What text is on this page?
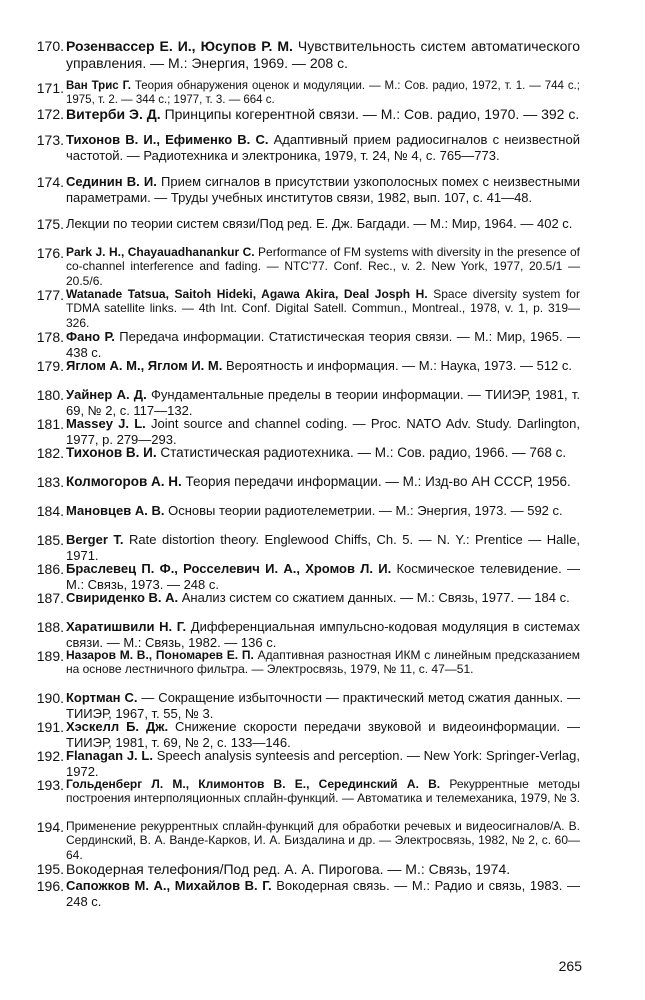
170. Розенвассер Е. И., Юсупов Р. М. Чувствительность систем автоматического управления. — М.: Энергия, 1969. — 208 с.
171. Ван Трис Г. Теория обнаружения оценок и модуляции. — М.: Сов. радио, 1972, т. 1. — 744 с.; 1975, т. 2. — 344 с.; 1977, т. 3. — 664 с.
172. Витерби Э. Д. Принципы когерентной связи. — М.: Сов. радио, 1970. — 392 с.
173. Тихонов В. И., Ефименко В. С. Адаптивный прием радиосигналов с неизвестной частотой. — Радиотехника и электроника, 1979, т. 24, № 4, с. 765—773.
174. Сединин В. И. Прием сигналов в присутствии узкополосных помех с неизвестными параметрами. — Труды учебных институтов связи, 1982, вып. 107, с. 41—48.
175. Лекции по теории систем связи/Под ред. Е. Дж. Багдади. — М.: Мир, 1964. — 402 с.
176. Park J. H., Chayauadhanankur C. Performance of FM systems with diversity in the presence of co-channel interference and fading. — NTC'77. Conf. Rec., v. 2. New York, 1977, 20.5/1 — 20.5/6.
177. Watanade Tatsua, Saitoh Hideki, Agawa Akira, Deal Josph H. Space diversity system for TDMA satellite links. — 4th Int. Conf. Digital Satell. Commun., Montreal., 1978, v. 1, p. 319—326.
178. Фано Р. Передача информации. Статистическая теория связи. — М.: Мир, 1965. — 438 с.
179. Яглом А. М., Яглом И. М. Вероятность и информация. — М.: Наука, 1973. — 512 с.
180. Уайнер А. Д. Фундаментальные пределы в теории информации. — ТИИЭР, 1981, т. 69, № 2, с. 117—132.
181. Massey J. L. Joint source and channel coding. — Proc. NATO Adv. Study. Darlington, 1977, p. 279—293.
182. Тихонов В. И. Статистическая радиотехника. — М.: Сов. радио, 1966. — 768 с.
183. Колмогоров А. Н. Теория передачи информации. — М.: Изд-во АН СССР, 1956.
184. Мановцев А. В. Основы теории радиотелеметрии. — М.: Энергия, 1973. — 592 с.
185. Berger T. Rate distortion theory. Englewood Chiffs, Ch. 5. — N. Y.: Prentice — Halle, 1971.
186. Браслевец П. Ф., Росселевич И. А., Хромов Л. И. Космическое телевидение. — М.: Связь, 1973. — 248 с.
187. Свириденко В. А. Анализ систем со сжатием данных. — М.: Связь, 1977. — 184 с.
188. Харатишвили Н. Г. Дифференциальная импульсно-кодовая модуляция в системах связи. — М.: Связь, 1982. — 136 с.
189. Назаров М. В., Пономарев Е. П. Адаптивная разностная ИКМ с линейным предсказанием на основе лестничного фильтра. — Электросвязь, 1979, № 11, с. 47—51.
190. Кортман С. — Сокращение избыточности — практический метод сжатия данных. — ТИИЭР, 1967, т. 55, № 3.
191. Хэскелл Б. Дж. Снижение скорости передачи звуковой и видеоинформации. — ТИИЭР, 1981, т. 69, № 2, с. 133—146.
192. Flanagan J. L. Speech analysis synteesis and perception. — New York: Springer-Verlag, 1972.
193. Гольденберг Л. М., Климонтов В. Е., Серединский А. В. Рекуррентные методы построения интерполяционных сплайн-функций. — Автоматика и телемеханика, 1979, № 3.
194. Применение рекуррентных сплайн-функций для обработки речевых и видеосигналов/А. В. Сердинский, В. А. Ванде-Карков, И. А. Биздалина и др. — Электросвязь, 1982, № 2, с. 60—64.
195. Вокодерная телефония/Под ред. А. А. Пирогова. — М.: Связь, 1974.
196. Сапожков М. А., Михайлов В. Г. Вокодерная связь. — М.: Радио и связь, 1983. — 248 с.
265
